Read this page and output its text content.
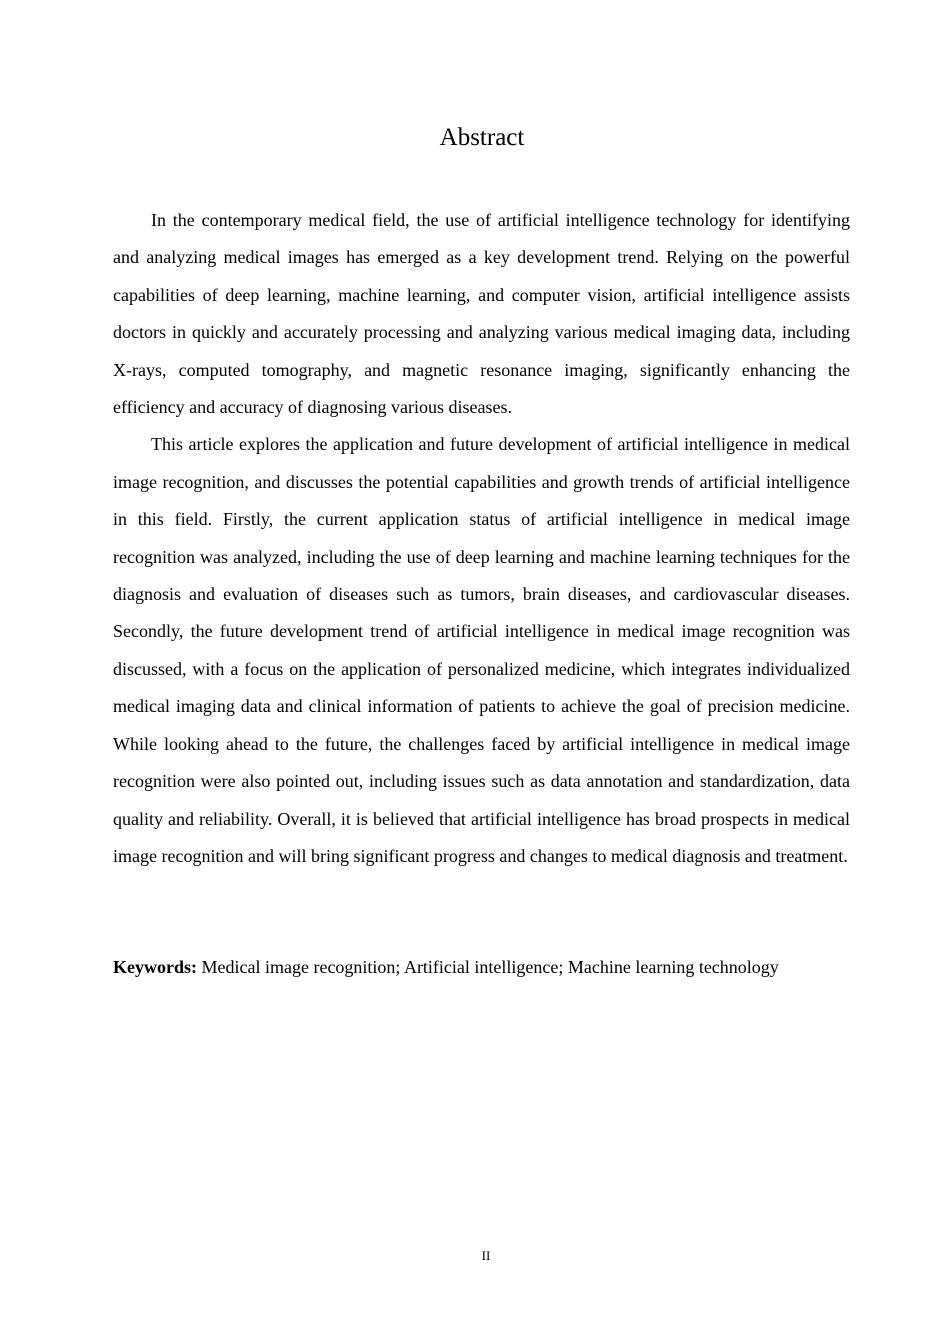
Abstract

In the contemporary medical field, the use of artificial intelligence technology for identifying and analyzing medical images has emerged as a key development trend. Relying on the powerful capabilities of deep learning, machine learning, and computer vision, artificial intelligence assists doctors in quickly and accurately processing and analyzing various medical imaging data, including X-rays, computed tomography, and magnetic resonance imaging, significantly enhancing the efficiency and accuracy of diagnosing various diseases.

This article explores the application and future development of artificial intelligence in medical image recognition, and discusses the potential capabilities and growth trends of artificial intelligence in this field. Firstly, the current application status of artificial intelligence in medical image recognition was analyzed, including the use of deep learning and machine learning techniques for the diagnosis and evaluation of diseases such as tumors, brain diseases, and cardiovascular diseases. Secondly, the future development trend of artificial intelligence in medical image recognition was discussed, with a focus on the application of personalized medicine, which integrates individualized medical imaging data and clinical information of patients to achieve the goal of precision medicine. While looking ahead to the future, the challenges faced by artificial intelligence in medical image recognition were also pointed out, including issues such as data annotation and standardization, data quality and reliability. Overall, it is believed that artificial intelligence has broad prospects in medical image recognition and will bring significant progress and changes to medical diagnosis and treatment.

Keywords: Medical image recognition; Artificial intelligence; Machine learning technology

II
